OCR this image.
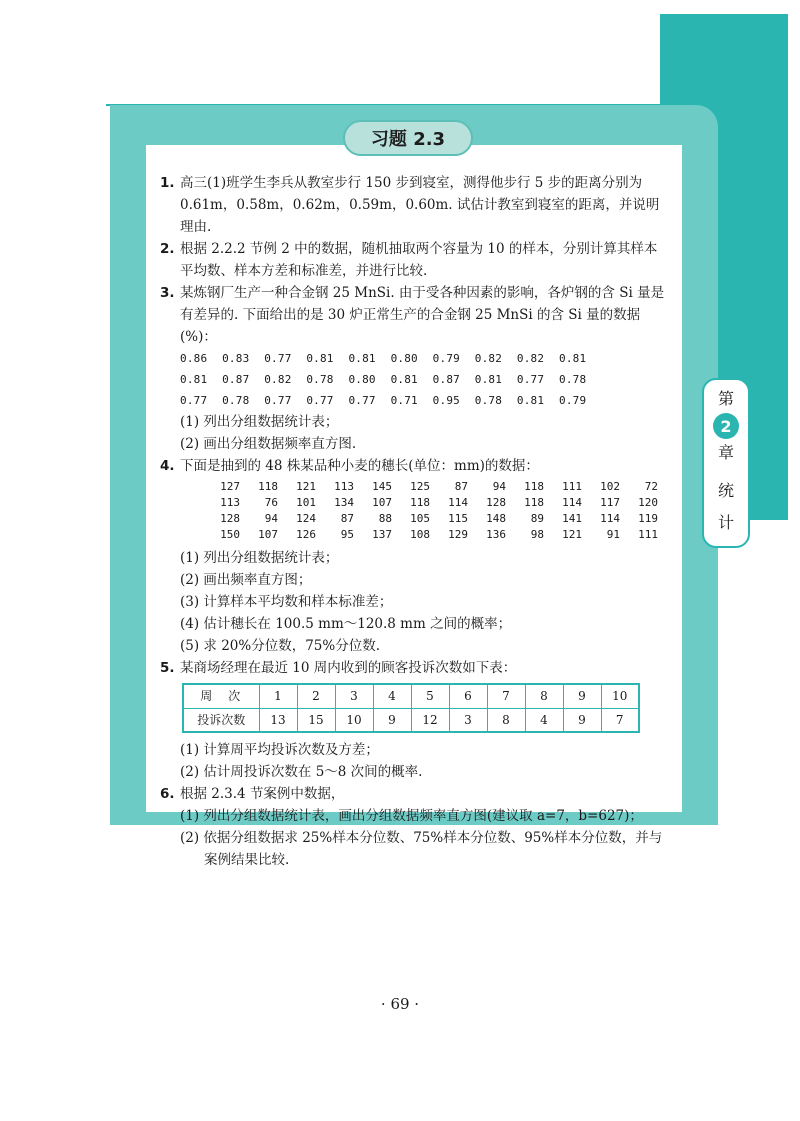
习题 2.3
第
2
章
统
计
1. 高三(1)班学生李兵从教室步行 150 步到寝室，测得他步行 5 步的距离分别为
0.61m，0.58m，0.62m，0.59m，0.60m. 试估计教室到寝室的距离，并说明
理由.
2. 根据 2.2.2 节例 2 中的数据，随机抽取两个容量为 10 的样本，分别计算其样本
平均数、样本方差和标准差，并进行比较.
3. 某炼钢厂生产一种合金钢 25 MnSi. 由于受各种因素的影响，各炉钢的含 Si 量是
有差异的. 下面给出的是 30 炉正常生产的合金钢 25 MnSi 的含 Si 量的数据(%)：
0.86 0.83 0.77 0.81 0.81 0.80 0.79 0.82 0.82 0.81
0.81 0.87 0.82 0.78 0.80 0.81 0.87 0.81 0.77 0.78
0.77 0.78 0.77 0.77 0.77 0.71 0.95 0.78 0.81 0.79
(1) 列出分组数据统计表；
(2) 画出分组数据频率直方图.
4. 下面是抽到的 48 株某品种小麦的穗长(单位：mm)的数据：
127	118	121	113	145	125	87	94	118	111	102	72
113	76	101	134	107	118	114	128	118	114	117	120
128	94	124	87	88	105	115	148	89	141	114	119
150	107	126	95	137	108	129	136	98	121	91	111
(1) 列出分组数据统计表；
(2) 画出频率直方图；
(3) 计算样本平均数和样本标准差；
(4) 估计穗长在 100.5 mm～120.8 mm 之间的概率；
(5) 求 20%分位数，75%分位数.
5. 某商场经理在最近 10 周内收到的顾客投诉次数如下表：
周　次	1	2	3	4	5	6	7	8	9	10
投诉次数	13	15	10	9	12	3	8	4	9	7
(1) 计算周平均投诉次数及方差；
(2) 估计周投诉次数在 5～8 次间的概率.
6. 根据 2.3.4 节案例中数据，
(1) 列出分组数据统计表，画出分组数据频率直方图(建议取 a=7，b=627)；
(2) 依据分组数据求 25%样本分位数、75%样本分位数、95%样本分位数，并与
案例结果比较.
· 69 ·
